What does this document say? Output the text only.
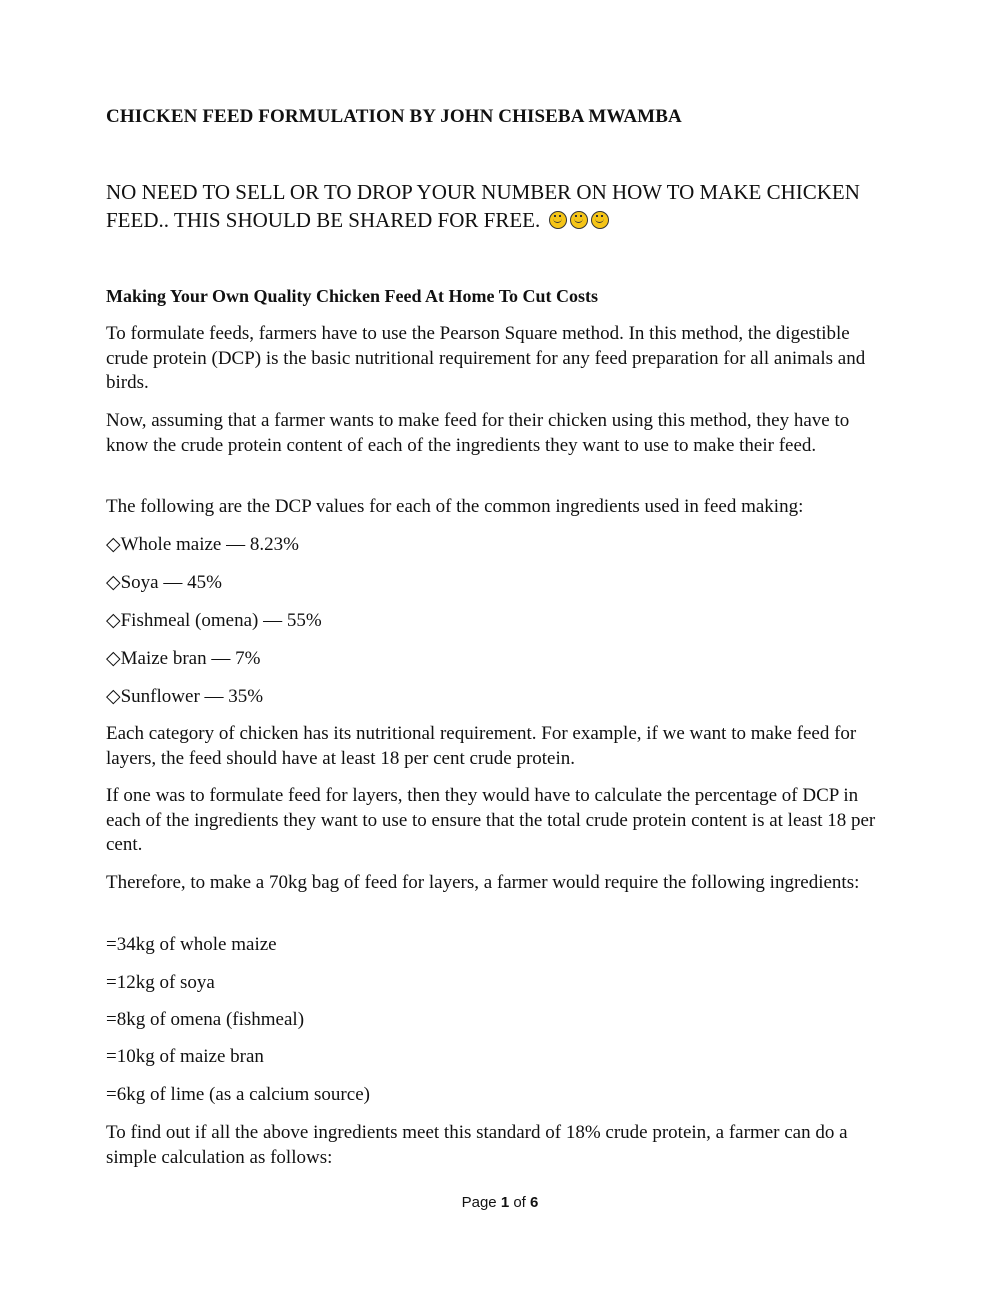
CHICKEN FEED FORMULATION BY JOHN CHISEBA MWAMBA
NO NEED TO SELL OR TO DROP YOUR NUMBER ON HOW TO MAKE CHICKEN FEED.. THIS SHOULD BE SHARED FOR FREE.
Making Your Own Quality Chicken Feed At Home To Cut Costs
To formulate feeds, farmers have to use the Pearson Square method. In this method, the digestible crude protein (DCP) is the basic nutritional requirement for any feed preparation for all animals and birds.
Now, assuming that a farmer wants to make feed for their chicken using this method, they have to know the crude protein content of each of the ingredients they want to use to make their feed.
The following are the DCP values for each of the common ingredients used in feed making:
◇Whole maize — 8.23%
◇Soya — 45%
◇Fishmeal (omena) — 55%
◇Maize bran — 7%
◇Sunflower — 35%
Each category of chicken has its nutritional requirement. For example, if we want to make feed for layers, the feed should have at least 18 per cent crude protein.
If one was to formulate feed for layers, then they would have to calculate the percentage of DCP in each of the ingredients they want to use to ensure that the total crude protein content is at least 18 per cent.
Therefore, to make a 70kg bag of feed for layers, a farmer would require the following ingredients:
=34kg of whole maize
=12kg of soya
=8kg of omena (fishmeal)
=10kg of maize bran
=6kg of lime (as a calcium source)
To find out if all the above ingredients meet this standard of 18% crude protein, a farmer can do a simple calculation as follows:
Page 1 of 6
